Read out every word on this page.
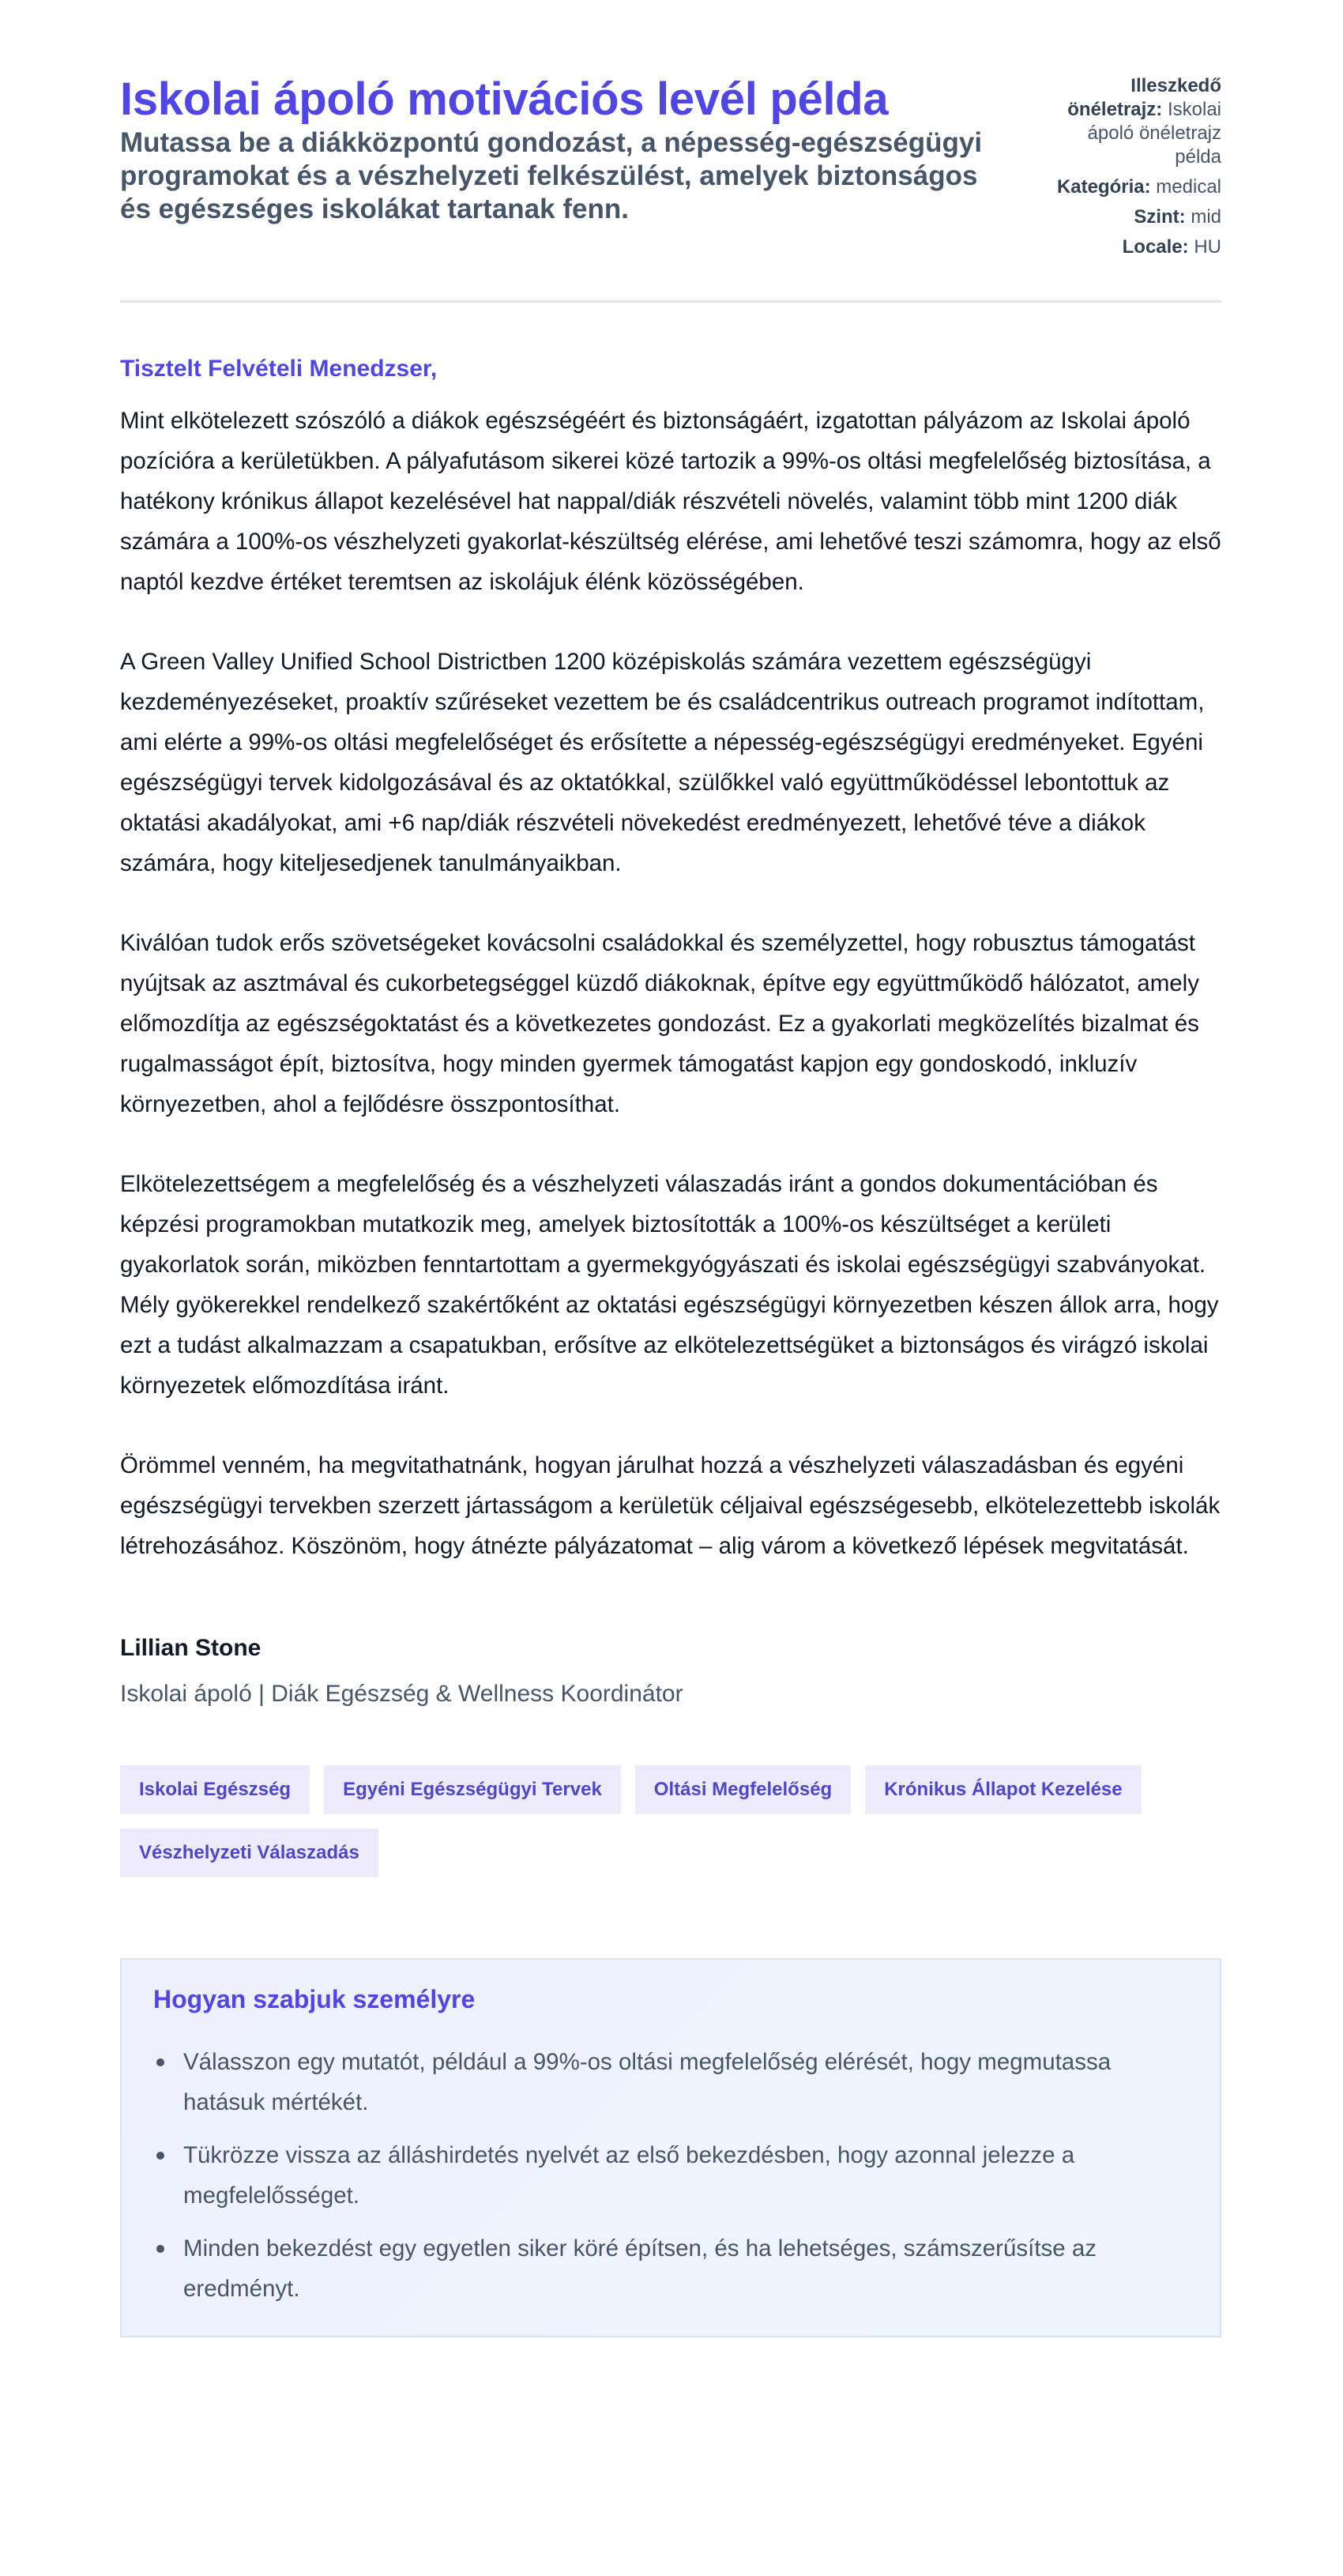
Iskolai ápoló motivációs levél példa

Mutassa be a diákközpontú gondozást, a népesség-egészségügyi programokat és a vészhelyzeti felkészülést, amelyek biztonságos és egészséges iskolákat tartanak fenn.

Illeszkedő önéletrajz: Iskolai ápoló önéletrajz példa
Kategória: medical
Szint: mid
Locale: HU
Tisztelt Felvételi Menedzser,

Mint elkötelezett szószóló a diákok egészségéért és biztonságáért, izgatottan pályázom az Iskolai ápoló pozícióra a kerületükben. A pályafutásom sikerei közé tartozik a 99%-os oltási megfelelőség biztosítása, a hatékony krónikus állapot kezelésével hat nappal/diák részvételi növelés, valamint több mint 1200 diák számára a 100%-os vészhelyzeti gyakorlat-készültség elérése, ami lehetővé teszi számomra, hogy az első naptól kezdve értéket teremtsen az iskolájuk élénk közösségében.

A Green Valley Unified School Districtben 1200 középiskolás számára vezettem egészségügyi kezdeményezéseket, proaktív szűréseket vezettem be és családcentrikus outreach programot indítottam, ami elérte a 99%-os oltási megfelelőséget és erősítette a népesség-egészségügyi eredményeket. Egyéni egészségügyi tervek kidolgozásával és az oktatókkal, szülőkkel való együttműködéssel lebontottuk az oktatási akadályokat, ami +6 nap/diák részvételi növekedést eredményezett, lehetővé téve a diákok számára, hogy kiteljesedjenek tanulmányaikban.

Kiválóan tudok erős szövetségeket kovácsolni családokkal és személyzettel, hogy robusztus támogatást nyújtsak az asztmával és cukorbetegséggel küzdő diákoknak, építve egy együttműködő hálózatot, amely előmozdítja az egészségoktatást és a következetes gondozást. Ez a gyakorlati megközelítés bizalmat és rugalmasságot épít, biztosítva, hogy minden gyermek támogatást kapjon egy gondoskodó, inkluzív környezetben, ahol a fejlődésre összpontosíthat.

Elkötelezettségem a megfelelőség és a vészhelyzeti válaszadás iránt a gondos dokumentációban és képzési programokban mutatkozik meg, amelyek biztosították a 100%-os készültséget a kerületi gyakorlatok során, miközben fenntartottam a gyermekgyógyászati és iskolai egészségügyi szabványokat. Mély gyökerekkel rendelkező szakértőként az oktatási egészségügyi környezetben készen állok arra, hogy ezt a tudást alkalmazzam a csapatukban, erősítve az elkötelezettségüket a biztonságos és virágzó iskolai környezetek előmozdítása iránt.

Örömmel venném, ha megvitathatnánk, hogyan járulhat hozzá a vészhelyzeti válaszadásban és egyéni egészségügyi tervekben szerzett jártasságom a kerületük céljaival egészségesebb, elkötelezettebb iskolák létrehozásához. Köszönöm, hogy átnézte pályázatomat – alig várom a következő lépések megvitatását.

Lillian Stone
Iskolai ápoló | Diák Egészség & Wellness Koordinátor
Iskolai Egészség	Egyéni Egészségügyi Tervek	Oltási Megfelelőség	Krónikus Állapot Kezelése
Vészhelyzeti Válaszadás
Hogyan szabjuk személyre
Válasszon egy mutatót, például a 99%-os oltási megfelelőség elérését, hogy megmutassa hatásuk mértékét.
Tükrözze vissza az álláshirdetés nyelvét az első bekezdésben, hogy azonnal jelezze a megfelelősséget.
Minden bekezdést egy egyetlen siker köré építsen, és ha lehetséges, számszerűsítse az eredményt.
